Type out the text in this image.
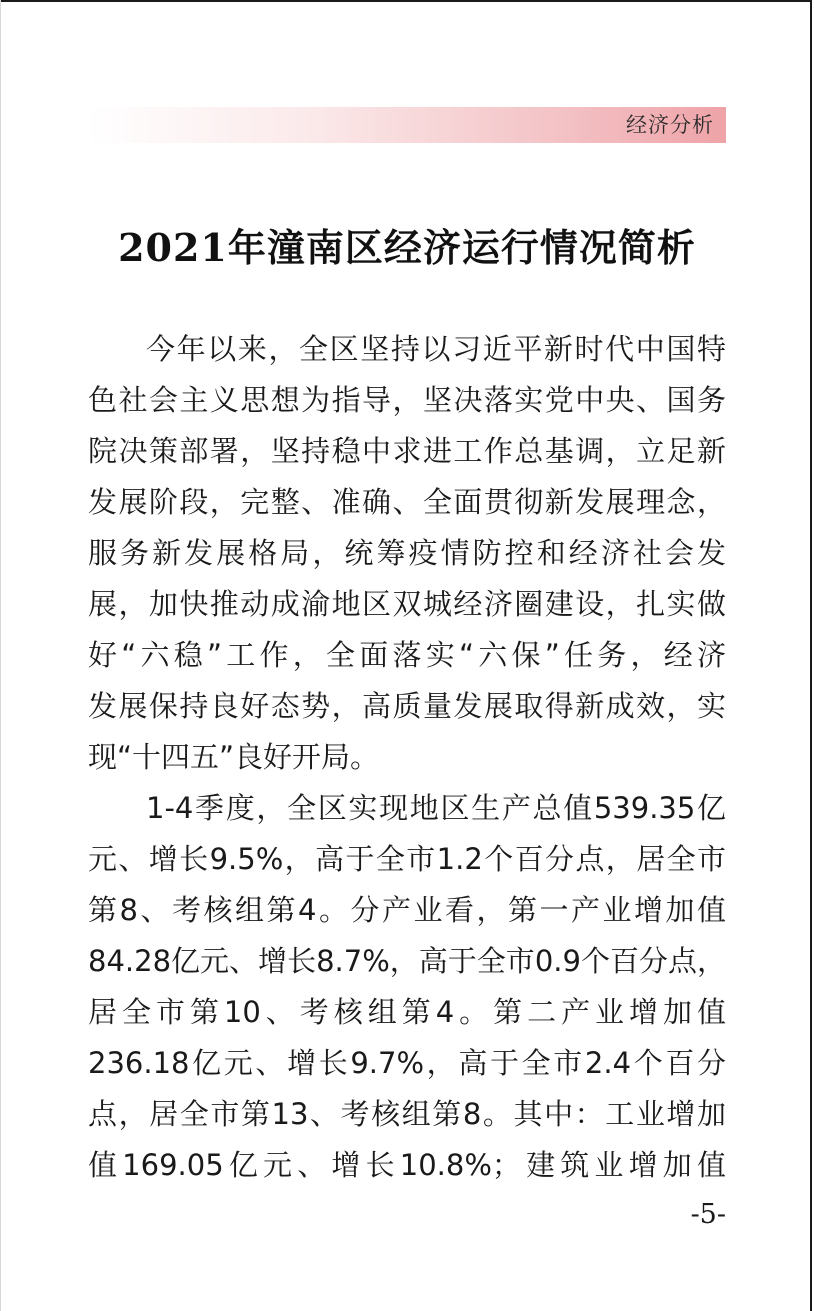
经济分析
2021年潼南区经济运行情况简析
今年以来，全区坚持以习近平新时代中国特
色社会主义思想为指导，坚决落实党中央、国务
院决策部署，坚持稳中求进工作总基调，立足新
发展阶段，完整、准确、全面贯彻新发展理念，
服务新发展格局，统筹疫情防控和经济社会发
展，加快推动成渝地区双城经济圈建设，扎实做
好“六稳”工作，全面落实“六保”任务，经济
发展保持良好态势，高质量发展取得新成效，实
现“十四五”良好开局。
1-4季度，全区实现地区生产总值539.35亿
元、增长9.5%，高于全市1.2个百分点，居全市
第8、考核组第4。分产业看，第一产业增加值
84.28亿元、增长8.7%，高于全市0.9个百分点，
居全市第10、考核组第4。第二产业增加值
236.18亿元、增长9.7%，高于全市2.4个百分
点，居全市第13、考核组第8。其中：工业增加
值169.05亿元、增长10.8%；建筑业增加值
-5-
